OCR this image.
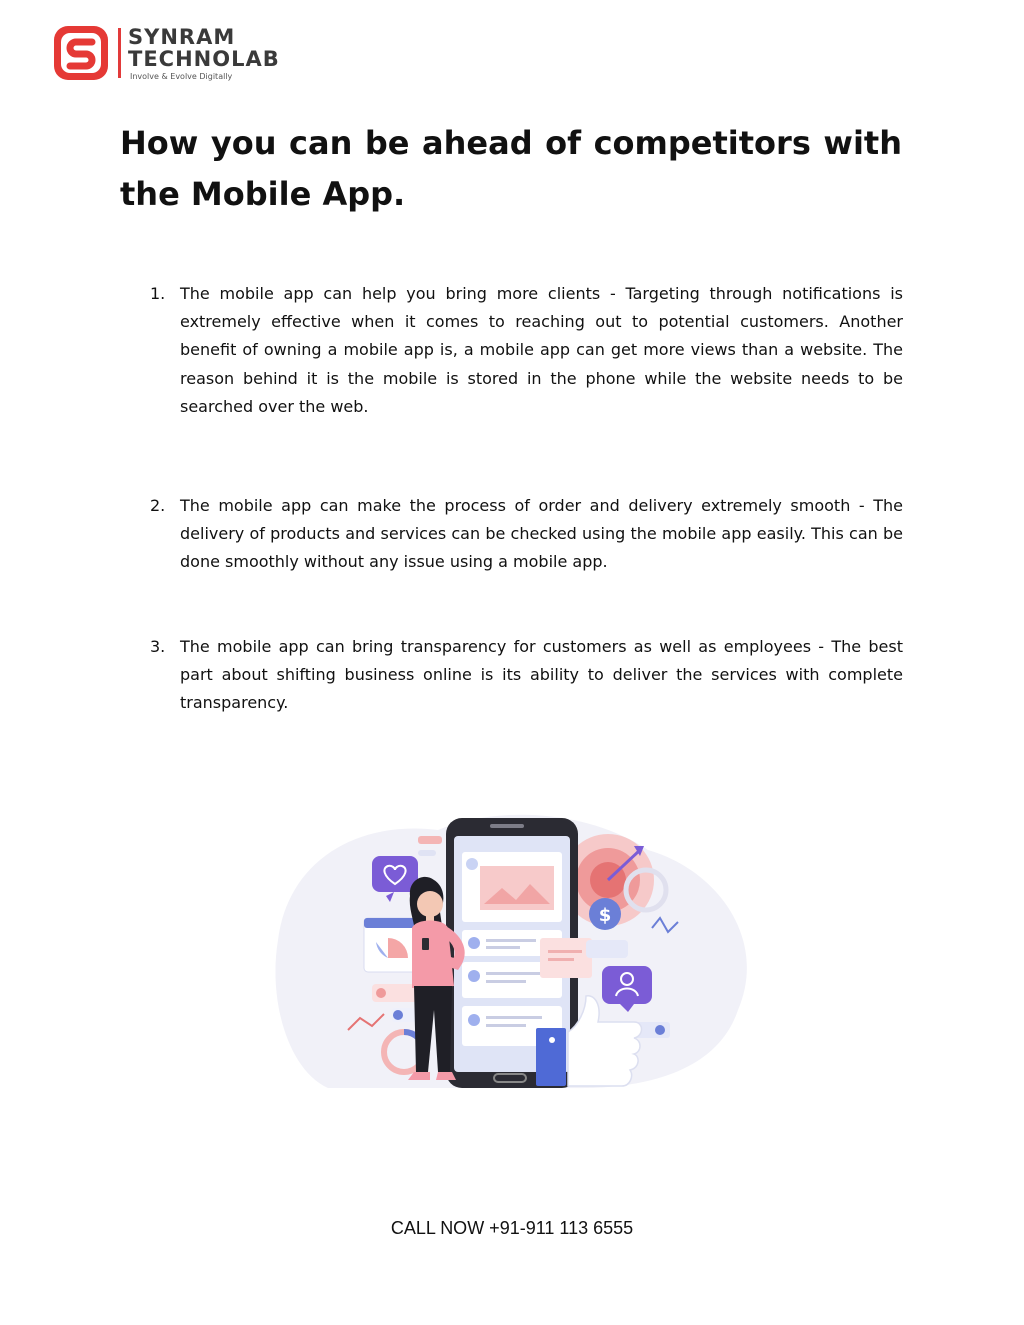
SYNRAM
TECHNOLAB
Involve & Evolve Digitally
How you can be ahead of competitors with the Mobile App.
1. The mobile app can help you bring more clients - Targeting through notifications is extremely effective when it comes to reaching out to potential customers. Another benefit of owning a mobile app is, a mobile app can get more views than a website. The reason behind it is the mobile is stored in the phone while the website needs to be searched over the web.
2. The mobile app can make the process of order and delivery extremely smooth - The delivery of products and services can be checked using the mobile app easily. This can be done smoothly without any issue using a mobile app.
3. The mobile app can bring transparency for customers as well as employees - The best part about shifting business online is its ability to deliver the services with complete transparency.
$
CALL NOW +91-911 113 6555
